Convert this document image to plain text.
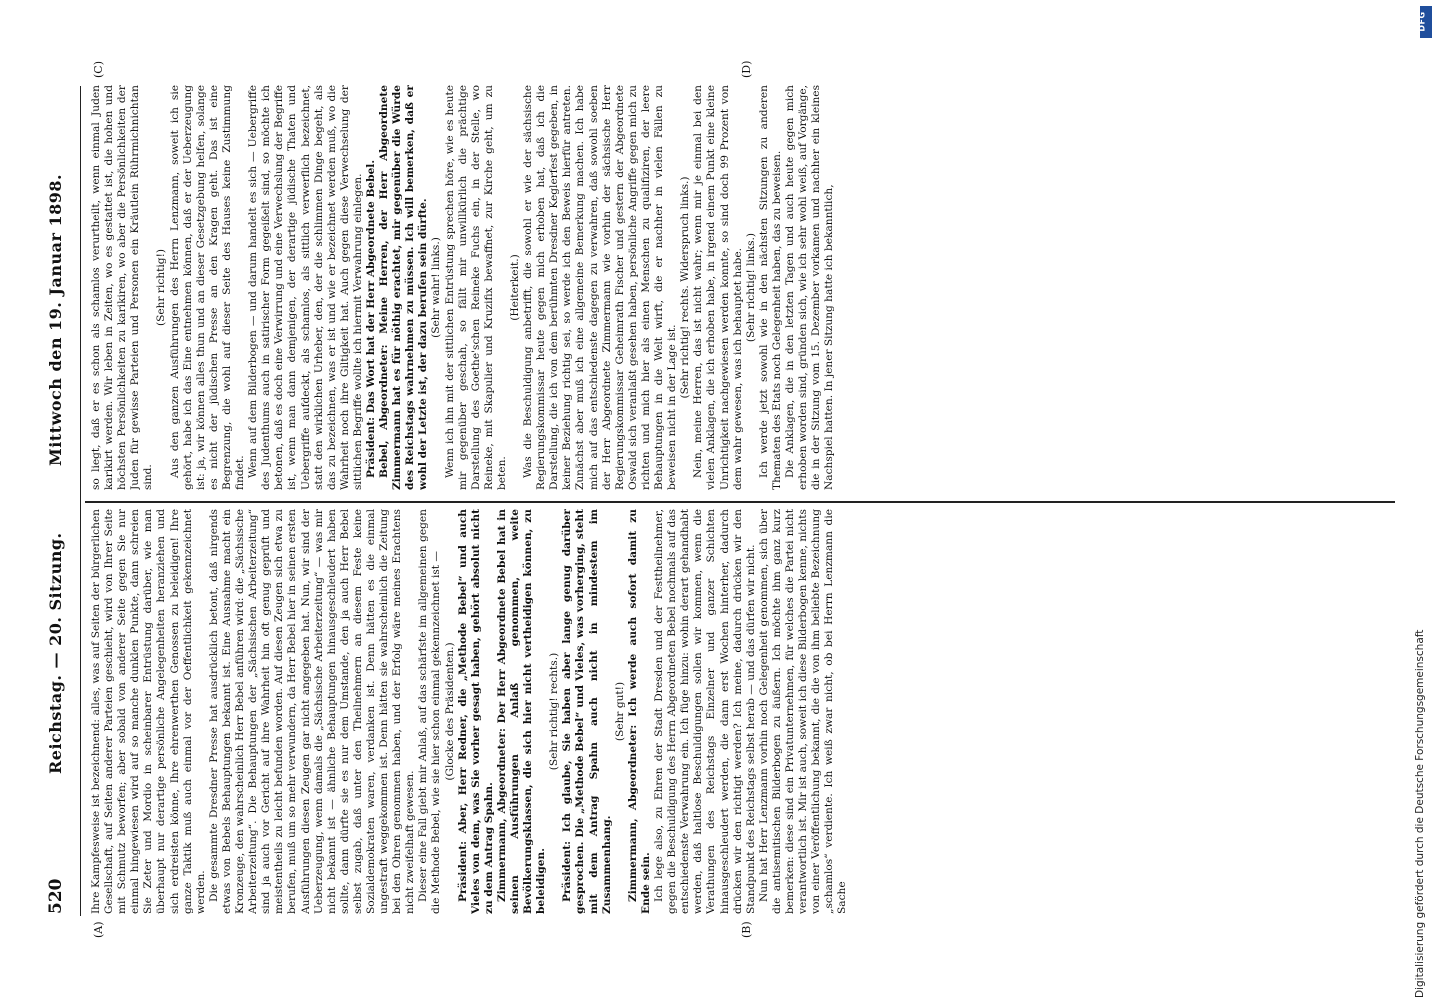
520
Reichstag. — 20. Sitzung.
Mittwoch den 19. Januar 1898.
(A)	(B)
(C)	(D)

Ihre Kampfesweise ist bezeichnend: alles, was auf Seiten der bürgerlichen Gesellschaft, auf Seiten anderer Parteien geschieht, wird von Ihrer Seite mit Schmutz beworfen; aber sobald von anderer Seite gegen Sie nur einmal hingewiesen wird auf so manche dunklen Punkte, dann schreien Sie Zeter und Mordio in scheinbarer Entrüstung darüber, wie man überhaupt nur derartige persönliche Angelegenheiten heranziehen und sich erdreisten könne, Ihre ehrenwerthen Genossen zu beleidigen! Ihre ganze Taktik muß auch einmal vor der Oeffentlichkeit gekennzeichnet werden. Die gesammte Dresdner Presse hat ausdrücklich betont, daß nirgends etwas von Bebels Behauptungen bekannt ist. Eine Ausnahme macht ein Kronzeuge, den wahrscheinlich Herr Bebel anführen wird: die „Sächsische Arbeiterzeitung“. Die Behauptungen der „Sächsischen Arbeiterzeitung“ sind ja auch vor Gericht auf ihre Wahrheit hin oft genug geprüft und meistentheils zu leicht befunden worden. Auf diesen Zeugen sich etwa zu berufen, muß um so mehr verwundern, da Herr Bebel hier in seinen ersten Ausführungen diesen Zeugen gar nicht angegeben hat. Nun, wir sind der Ueberzeugung, wenn damals die „Sächsische Arbeiterzeitung“ — was mir nicht bekannt ist — ähnliche Behauptungen hinausgeschleudert haben sollte, dann dürfte sie es nur dem Umstande, den ja auch Herr Bebel selbst zugab, daß unter den Theilnehmern an diesem Feste keine Sozialdemokraten waren, verdanken ist. Denn hätten es die einmal ungestraft weggekommen ist. Denn hätten sie wahrscheinlich die Zeitung bei den Ohren genommen haben, und der Erfolg wäre meines Erachtens nicht zweifelhaft gewesen. Dieser eine Fall giebt mir Anlaß, auf das schärfste im allgemeinen gegen die Methode Bebel, wie sie hier schon einmal gekennzeichnet ist — (Glocke des Präsidenten.) Präsident: Aber, Herr Redner, die „Methode Bebel“ und auch Vieles von dem, was Sie vorher gesagt haben, gehört absolut nicht zu dem Antrag Spahn. Zimmermann, Abgeordneter: Der Herr Abgeordnete Bebel hat in seinen Ausführungen Anlaß genommen, weite Bevölkerungsklassen, die sich hier nicht vertheidigen können, zu beleidigen.

(Sehr richtig! rechts.) Präsident: Ich glaube, Sie haben aber lange genug darüber gesprochen. Die „Methode Bebel“ und Vieles, was vorherging, steht mit dem Antrag Spahn auch nicht in mindestem im Zusammenhang.

(Sehr gut!) Zimmermann, Abgeordneter: Ich werde auch sofort damit zu Ende sein. Ich lege also, zu Ehren der Stadt Dresden und der Festtheilnehmer, gegen die Beschuldigung des Herrn Abgeordneten Bebel nochmals auf das entschiedenste Verwahrung ein. Ich füge hinzu: wohin derart gehandhabt werden, daß haltlose Beschuldigungen sollen wir kommen, wenn die Verathungen des Reichstags Einzelner und ganzer Schichten hinausgeschleudert werden, die dann erst Wochen hinterher, dadurch drücken wir den richtigt werden? Ich meine, dadurch drücken wir den Standpunkt des Reichstags selbst herab — und das dürfen wir nicht. Nun hat Herr Lenzmann vorhin noch Gelegenheit genommen, sich über die antisemitischen Bilderbogen zu äußern. Ich möchte ihm ganz kurz bemerken: diese sind ein Privatunternehmen, für welches die Partei nicht verantwortlich ist. Mir ist auch, soweit ich diese Bilderbogen kenne, nichts von einer Veröffentlichung bekannt, die die von ihm beliebte Bezeichnung „schamlos“ verdiente. Ich weiß zwar nicht, ob bei Herrn Lenzmann die Sache

so liegt, daß er es schon als schamlos verurtheilt, wenn einmal Juden karikirt werden. Wir leben in Zeiten, wo es gestattet ist, die hohen und höchsten Persönlichkeiten zu karikiren, wo aber die Persönlichkeiten der Juden für gewisse Parteien und Personen ein Kräutlein Rührmichnichtan sind.

(Sehr richtig!) Aus den ganzen Ausführungen des Herrn Lenzmann, soweit ich sie gehört, habe ich das Eine entnehmen können, daß er der Ueberzeugung ist: ja, wir können alles thun und an dieser Gesetzgebung helfen, solange es nicht der jüdischen Presse an den Kragen geht. Das ist eine Begrenzung, die wohl auf dieser Seite des Hauses keine Zustimmung findet. Wenn auf dem Bilderbogen — und darum handelt es sich — Uebergriffe des Judenthums auch in satirischer Form gegeißelt sind, so möchte ich betonen, daß es doch eine Verwirrung und eine Verwechslung der Begriffe ist, wenn man dann demjenigen, der derartige jüdische Thaten und Uebergriffe aufdeckt, als schamlos, als sittlich verwerflich bezeichnet, statt den wirklichen Urheber, den, der die schlimmen Dinge begeht, als das zu bezeichnen, was er ist und wie er bezeichnet werden muß, wo die Wahrheit noch ihre Giltigkeit hat. Auch gegen diese Verwechselung der sittlichen Begriffe wollte ich hiermit Verwahrung einlegen. Präsident: Das Wort hat der Herr Abgeordnete Bebel. Bebel, Abgeordneter: Meine Herren, der Herr Abgeordnete Zimmermann hat es für nöthig erachtet, mir gegenüber die Würde des Reichstags wahrnehmen zu müssen. Ich will bemerken, daß er wohl der Letzte ist, der dazu berufen sein dürfte. (Sehr wahr! links.) Wenn ich ihn mit der sittlichen Entrüstung sprechen höre, wie es heute mir gegenüber geschah, so fällt mir unwillkürlich die prächtige Darstellung des Goethe'schen Reineke Fuchs ein, in der Stelle, wo Reineke, mit Skapulier und Kruzifix bewaffnet, zur Kirche geht, um zu beten.

(Heiterkeit.) Was die Beschuldigung anbetrifft, die sowohl er wie der sächsische Regierungskommissar heute gegen mich erhoben hat, daß ich die Darstellung, die ich von dem berühmten Dresdner Keglerfest gegeben, in keiner Beziehung richtig sei, so werde ich den Beweis hierfür antreten. Zunächst aber muß ich eine allgemeine Bemerkung machen. Ich habe mich auf das entschiedenste dagegen zu verwahren, daß sowohl soeben der Herr Abgeordnete Zimmermann wie vorhin der sächsische Herr Regierungskommissar Geheimrath Fischer und gestern der Abgeordnete Oswald sich veranlaßt gesehen haben, persönliche Angriffe gegen mich zu richten und mich hier als einen Menschen zu qualifiziren, der leere Behauptungen in die Welt wirft, die er nachher in vielen Fällen zu beweisen nicht in der Lage ist.

(Sehr richtig! rechts. Widerspruch links.) Nein, meine Herren, das ist nicht wahr; wenn mir je einmal bei den vielen Anklagen, die ich erhoben habe, in irgend einem Punkt eine kleine Unrichtigkeit nachgewiesen werden konnte, so sind doch 99 Prozent von dem wahr gewesen, was ich behauptet habe. (Sehr richtig! links.) Ich werde jetzt sowohl wie in den nächsten Sitzungen zu anderen Thematen des Etats noch Gelegenheit haben, das zu beweisen. Die Anklagen, die in den letzten Tagen und auch heute gegen mich erhoben worden sind, gründen sich, wie ich sehr wohl weiß, auf Vorgänge, die in der Sitzung vom 15. Dezember vorkamen und nachher ein kleines Nachspiel hatten. In jener Sitzung hatte ich bekanntlich,

DFG
Digitalisierung gefördert durch die Deutsche Forschungsgemeinschaft
